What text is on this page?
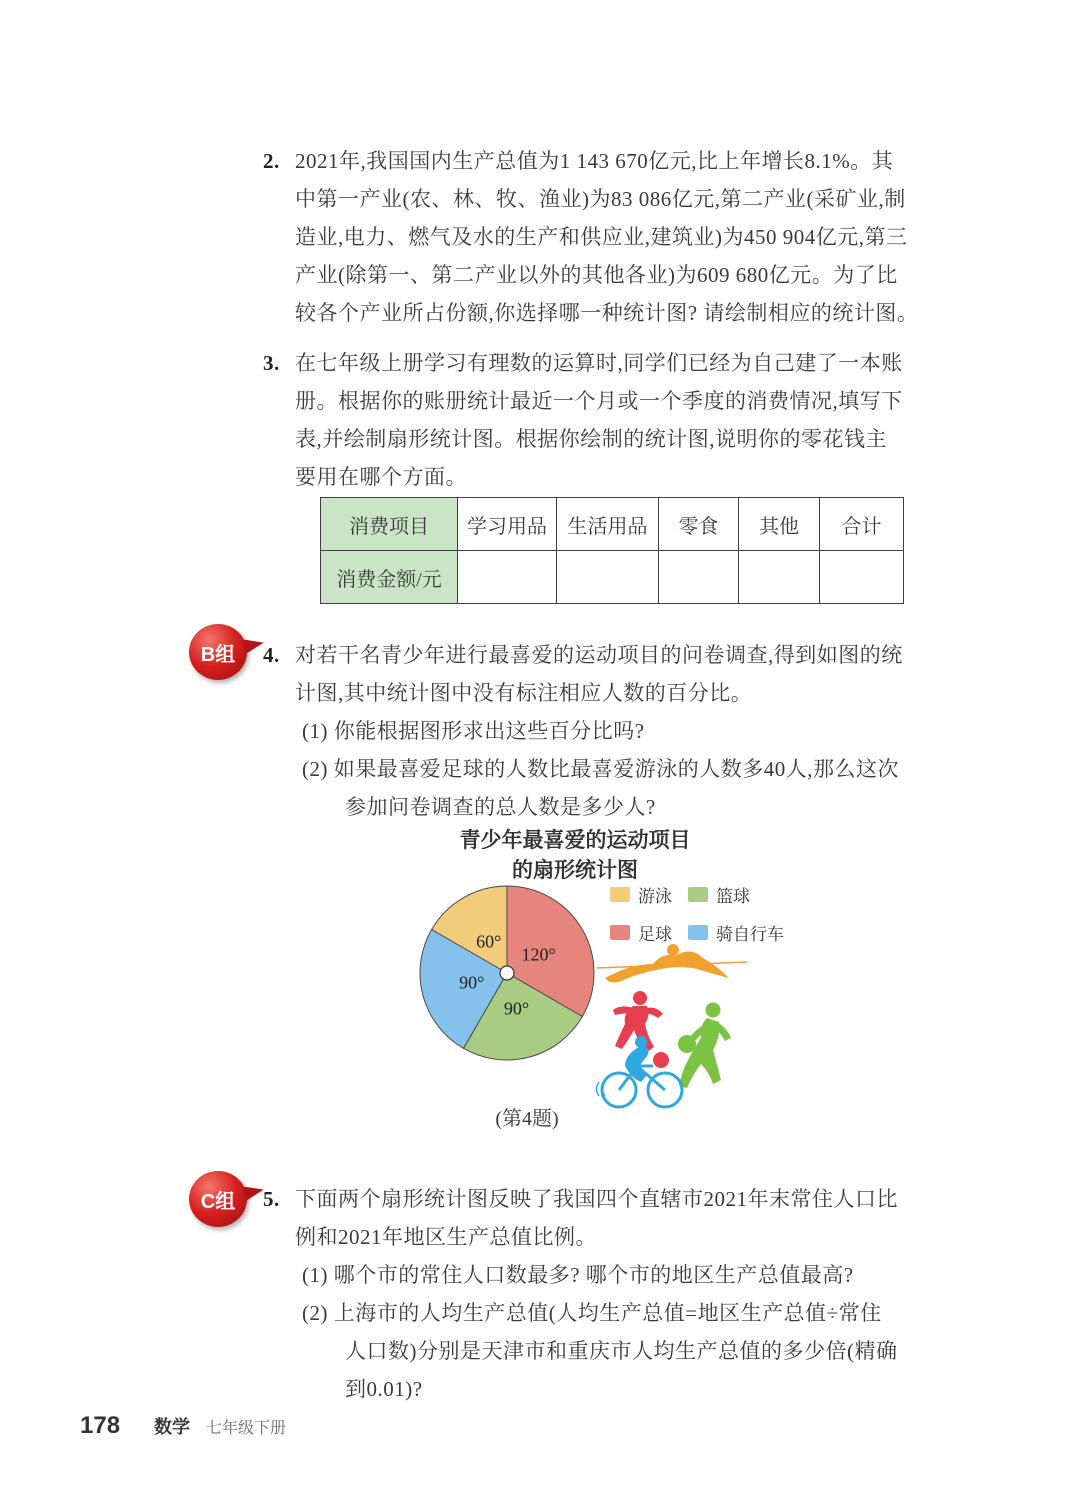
2. 2021年,我国国内生产总值为1 143 670亿元,比上年增长8.1%。其
中第一产业(农、林、牧、渔业)为83 086亿元,第二产业(采矿业,制
造业,电力、燃气及水的生产和供应业,建筑业)为450 904亿元,第三
产业(除第一、第二产业以外的其他各业)为609 680亿元。为了比
较各个产业所占份额,你选择哪一种统计图? 请绘制相应的统计图。
3. 在七年级上册学习有理数的运算时,同学们已经为自己建了一本账
册。根据你的账册统计最近一个月或一个季度的消费情况,填写下
表,并绘制扇形统计图。根据你绘制的统计图,说明你的零花钱主
要用在哪个方面。
消费项目	学习用品	生活用品	零食	其他	合计
消费金额/元					
B组 4. 对若干名青少年进行最喜爱的运动项目的问卷调查,得到如图的统
计图,其中统计图中没有标注相应人数的百分比。
(1) 你能根据图形求出这些百分比吗?
(2) 如果最喜爱足球的人数比最喜爱游泳的人数多40人,那么这次
参加问卷调查的总人数是多少人?
青少年最喜爱的运动项目
的扇形统计图
120°
90°
90°
60°
游泳	篮球
足球	骑自行车
(第4题)
C组 5. 下面两个扇形统计图反映了我国四个直辖市2021年末常住人口比
例和2021年地区生产总值比例。
(1) 哪个市的常住人口数最多? 哪个市的地区生产总值最高?
(2) 上海市的人均生产总值(人均生产总值=地区生产总值÷常住
人口数)分别是天津市和重庆市人均生产总值的多少倍(精确
到0.01)?
178 数学 七年级下册
